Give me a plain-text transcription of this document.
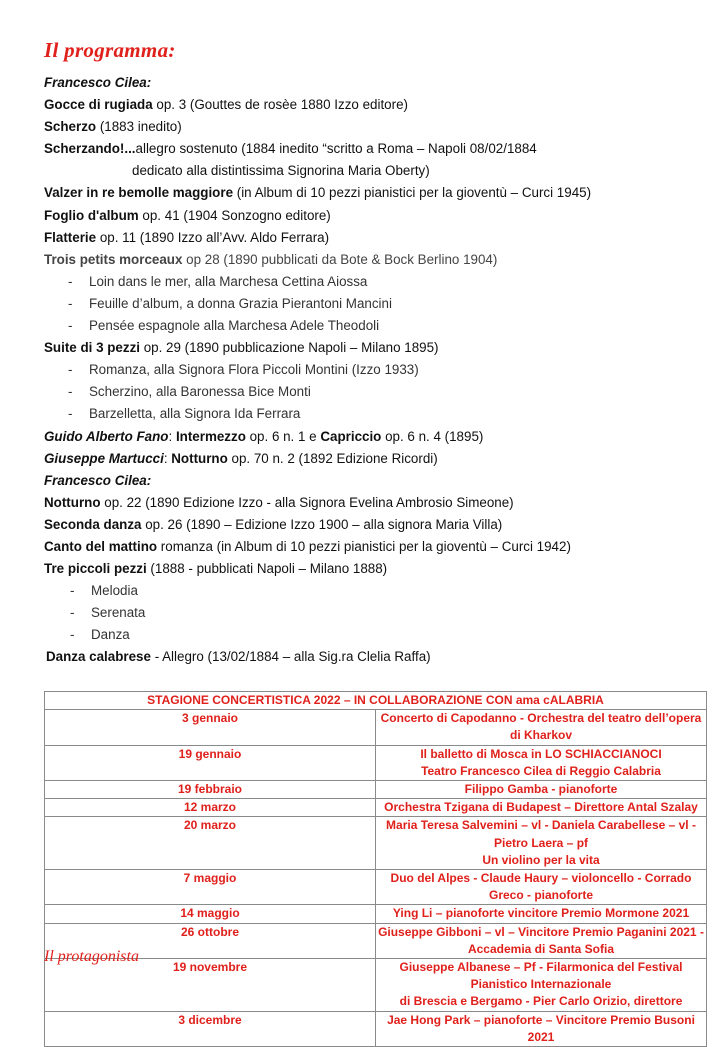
Il programma:
Francesco Cilea:
Gocce di rugiada op. 3 (Gouttes de rosèe 1880 Izzo editore)
Scherzo (1883 inedito)
Scherzando!...allegro sostenuto (1884 inedito “scritto a Roma – Napoli 08/02/1884
dedicato alla distintissima Signorina Maria Oberty)
Valzer in re bemolle maggiore (in Album di 10 pezzi pianistici per la gioventù – Curci 1945)
Foglio d'album op. 41 (1904 Sonzogno editore)
Flatterie op. 11 (1890 Izzo all’Avv. Aldo Ferrara)
Trois petits morceaux op 28 (1890 pubblicati da Bote & Bock Berlino 1904)
- Loin dans le mer, alla Marchesa Cettina Aiossa
- Feuille d’album, a donna Grazia Pierantoni Mancini
- Pensée espagnole alla Marchesa Adele Theodoli
Suite di 3 pezzi op. 29 (1890 pubblicazione Napoli – Milano 1895)
- Romanza, alla Signora Flora Piccoli Montini (Izzo 1933)
- Scherzino, alla Baronessa Bice Monti
- Barzelletta, alla Signora Ida Ferrara
Guido Alberto Fano: Intermezzo op. 6 n. 1 e Capriccio op. 6 n. 4 (1895)
Giuseppe Martucci: Notturno op. 70 n. 2 (1892 Edizione Ricordi)
Francesco Cilea:
Notturno op. 22 (1890 Edizione Izzo - alla Signora Evelina Ambrosio Simeone)
Seconda danza op. 26 (1890 – Edizione Izzo 1900 – alla signora Maria Villa)
Canto del mattino romanza (in Album di 10 pezzi pianistici per la gioventù – Curci 1942)
Tre piccoli pezzi (1888 - pubblicati Napoli – Milano 1888)
- Melodia
- Serenata
- Danza
Danza calabrese - Allegro (13/02/1884 – alla Sig.ra Clelia Raffa)
STAGIONE CONCERTISTICA 2022 – IN COLLABORAZIONE CON ama cALABRIA	
3 gennaio	Concerto di Capodanno - Orchestra del teatro dell’opera di Kharkov

19 gennaio	Il balletto di Mosca in LO SCHIACCIANOCI
Teatro Francesco Cilea di Reggio Calabria

19 febbraio	Filippo Gamba - pianoforte

12 marzo	Orchestra Tzigana di Budapest – Direttore Antal Szalay

20 marzo	Maria Teresa Salvemini – vl - Daniela Carabellese – vl - Pietro Laera – pf
Un violino per la vita

7 maggio	Duo del Alpes - Claude Haury – violoncello - Corrado Greco - pianoforte

14 maggio	Ying Li – pianoforte vincitore Premio Mormone 2021

26 ottobre	Giuseppe Gibboni – vl – Vincitore Premio Paganini 2021 - Accademia di Santa Sofia

19 novembre	Giuseppe Albanese – Pf - Filarmonica del Festival Pianistico Internazionale
di Brescia e Bergamo - Pier Carlo Orizio, direttore

3 dicembre	Jae Hong Park – pianoforte – Vincitore Premio Busoni 2021
Il protagonista
